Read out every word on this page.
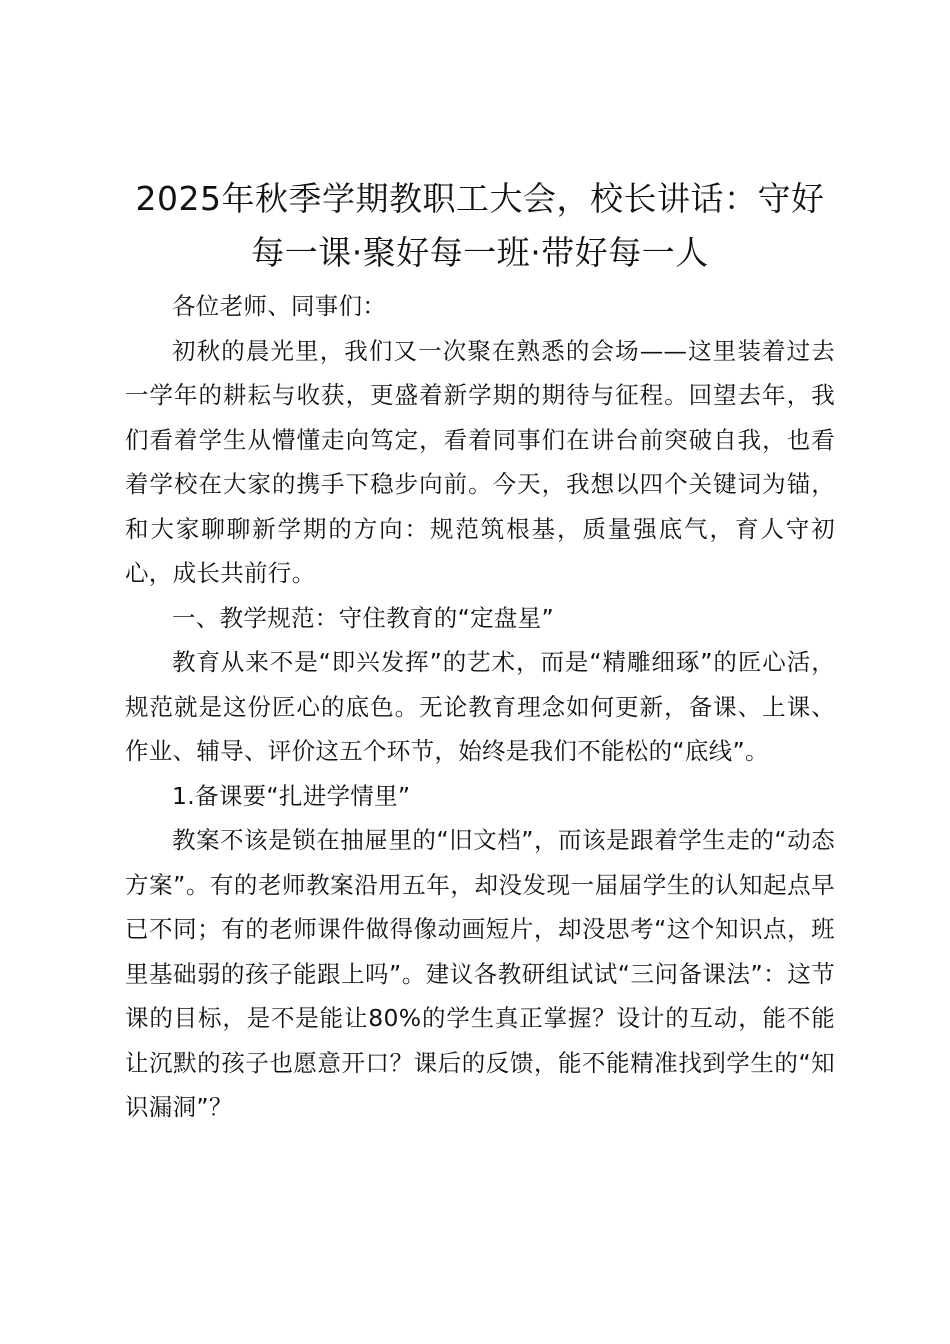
2025年秋季学期教职工大会，校长讲话：守好每一课·聚好每一班·带好每一人

各位老师、同事们：

初秋的晨光里，我们又一次聚在熟悉的会场——这里装着过去一学年的耕耘与收获，更盛着新学期的期待与征程。回望去年，我们看着学生从懵懂走向笃定，看着同事们在讲台前突破自我，也看着学校在大家的携手下稳步向前。今天，我想以四个关键词为锚，和大家聊聊新学期的方向：规范筑根基，质量强底气，育人守初心，成长共前行。

一、教学规范：守住教育的“定盘星”

教育从来不是“即兴发挥”的艺术，而是“精雕细琢”的匠心活，规范就是这份匠心的底色。无论教育理念如何更新，备课、上课、作业、辅导、评价这五个环节，始终是我们不能松的“底线”。

1.备课要“扎进学情里”

教案不该是锁在抽屉里的“旧文档”，而该是跟着学生走的“动态方案”。有的老师教案沿用五年，却没发现一届届学生的认知起点早已不同；有的老师课件做得像动画短片，却没思考“这个知识点，班里基础弱的孩子能跟上吗”。建议各教研组试试“三问备课法”：这节课的目标，是不是能让80%的学生真正掌握？设计的互动，能不能让沉默的孩子也愿意开口？课后的反馈，能不能精准找到学生的“知识漏洞”？
